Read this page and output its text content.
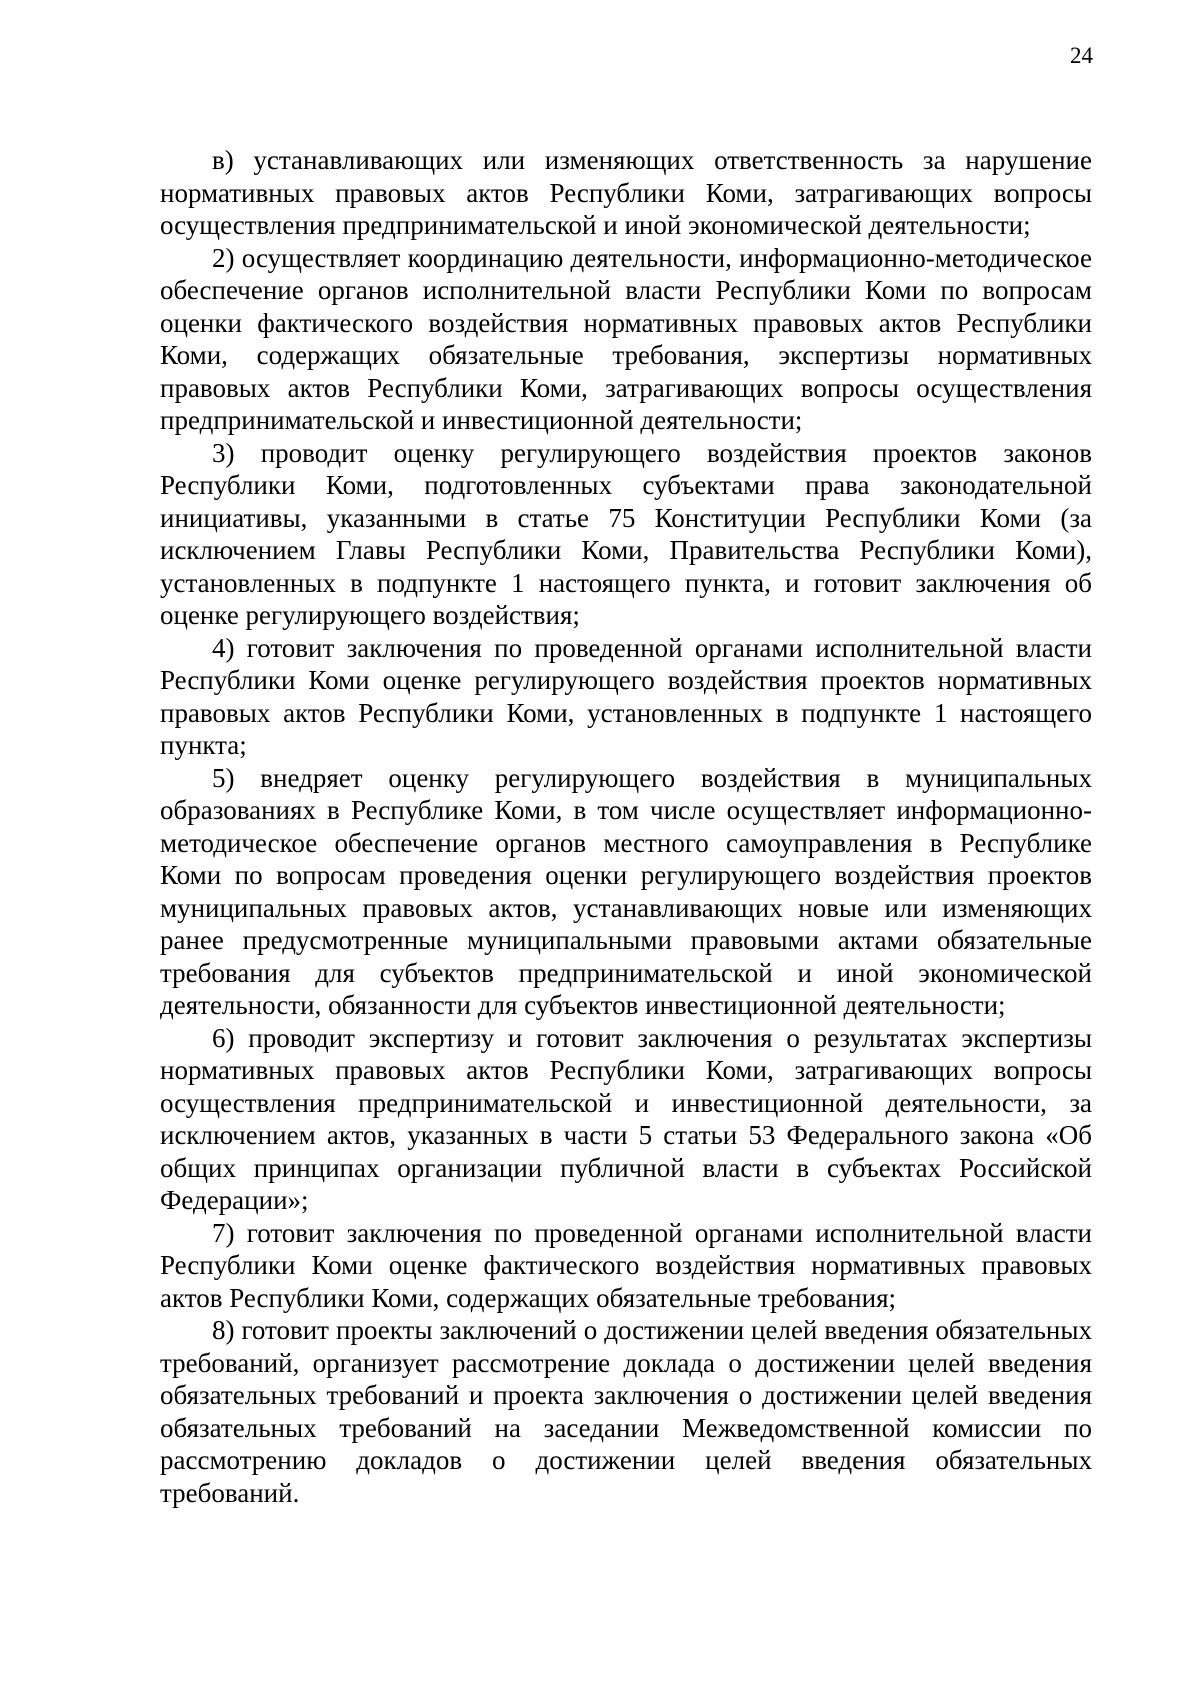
24

в) устанавливающих или изменяющих ответственность за нарушение нормативных правовых актов Республики Коми, затрагивающих вопросы осуществления предпринимательской и иной экономической деятельности;

2) осуществляет координацию деятельности, информационно-методическое обеспечение органов исполнительной власти Республики Коми по вопросам оценки фактического воздействия нормативных правовых актов Республики Коми, содержащих обязательные требования, экспертизы нормативных правовых актов Республики Коми, затрагивающих вопросы осуществления предпринимательской и инвестиционной деятельности;

3) проводит оценку регулирующего воздействия проектов законов Республики Коми, подготовленных субъектами права законодательной инициативы, указанными в статье 75 Конституции Республики Коми (за исключением Главы Республики Коми, Правительства Республики Коми), установленных в подпункте 1 настоящего пункта, и готовит заключения об оценке регулирующего воздействия;

4) готовит заключения по проведенной органами исполнительной власти Республики Коми оценке регулирующего воздействия проектов нормативных правовых актов Республики Коми, установленных в подпункте 1 настоящего пункта;

5) внедряет оценку регулирующего воздействия в муниципальных образованиях в Республике Коми, в том числе осуществляет информационно-методическое обеспечение органов местного самоуправления в Республике Коми по вопросам проведения оценки регулирующего воздействия проектов муниципальных правовых актов, устанавливающих новые или изменяющих ранее предусмотренные муниципальными правовыми актами обязательные требования для субъектов предпринимательской и иной экономической деятельности, обязанности для субъектов инвестиционной деятельности;

6) проводит экспертизу и готовит заключения о результатах экспертизы нормативных правовых актов Республики Коми, затрагивающих вопросы осуществления предпринимательской и инвестиционной деятельности, за исключением актов, указанных в части 5 статьи 53 Федерального закона «Об общих принципах организации публичной власти в субъектах Российской Федерации»;

7) готовит заключения по проведенной органами исполнительной власти Республики Коми оценке фактического воздействия нормативных правовых актов Республики Коми, содержащих обязательные требования;

8) готовит проекты заключений о достижении целей введения обязательных требований, организует рассмотрение доклада о достижении целей введения обязательных требований и проекта заключения о достижении целей введения обязательных требований на заседании Межведомственной комиссии по рассмотрению докладов о достижении целей введения обязательных требований.
